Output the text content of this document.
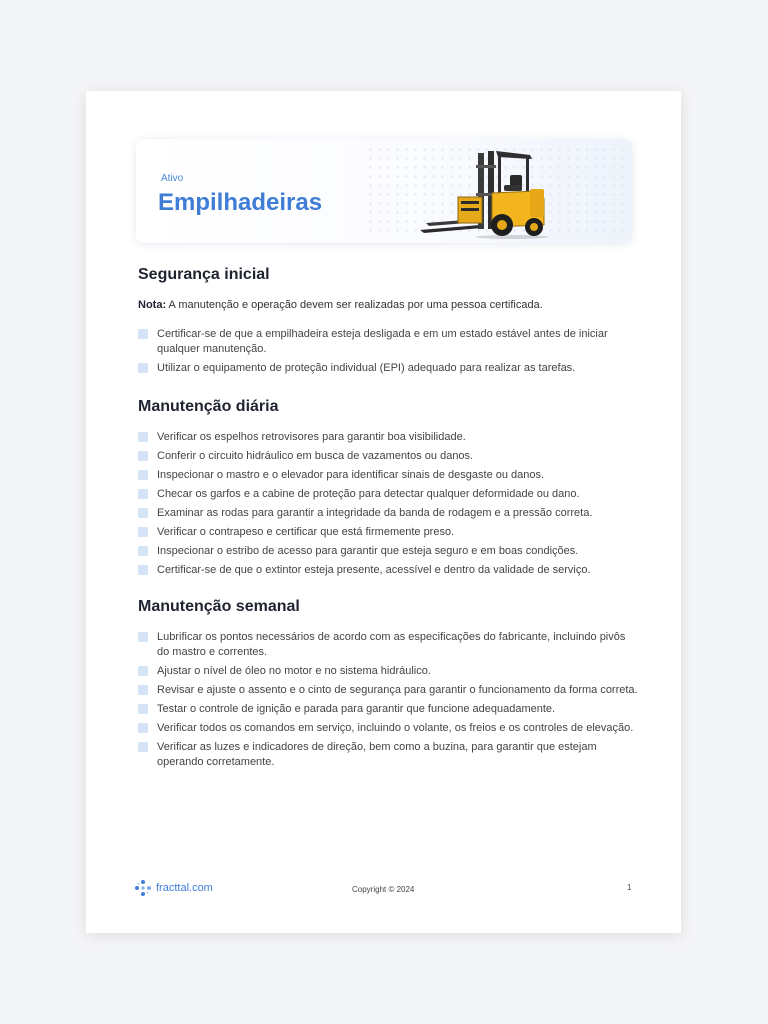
Ativo
Empilhadeiras
Segurança inicial
Nota: A manutenção e operação devem ser realizadas por uma pessoa certificada.
Certificar-se de que a empilhadeira esteja desligada e em um estado estável antes de iniciar qualquer manutenção.
Utilizar o equipamento de proteção individual (EPI) adequado para realizar as tarefas.
Manutenção diária
Verificar os espelhos retrovisores para garantir boa visibilidade.
Conferir o circuito hidráulico em busca de vazamentos ou danos.
Inspecionar o mastro e o elevador para identificar sinais de desgaste ou danos.
Checar os garfos e a cabine de proteção para detectar qualquer deformidade ou dano.
Examinar as rodas para garantir a integridade da banda de rodagem e a pressão correta.
Verificar o contrapeso e certificar que está firmemente preso.
Inspecionar o estribo de acesso para garantir que esteja seguro e em boas condições.
Certificar-se de que o extintor esteja presente, acessível e dentro da validade de serviço.
Manutenção semanal
Lubrificar os pontos necessários de acordo com as especificações do fabricante, incluindo pivôs do mastro e correntes.
Ajustar o nível de óleo no motor e no sistema hidráulico.
Revisar e ajuste o assento e o cinto de segurança para garantir o funcionamento da forma correta.
Testar o controle de ignição e parada para garantir que funcione adequadamente.
Verificar todos os comandos em serviço, incluindo o volante, os freios e os controles de elevação.
Verificar as luzes e indicadores de direção, bem como a buzina, para garantir que estejam operando corretamente.
fracttal.com	Copyright © 2024	1
